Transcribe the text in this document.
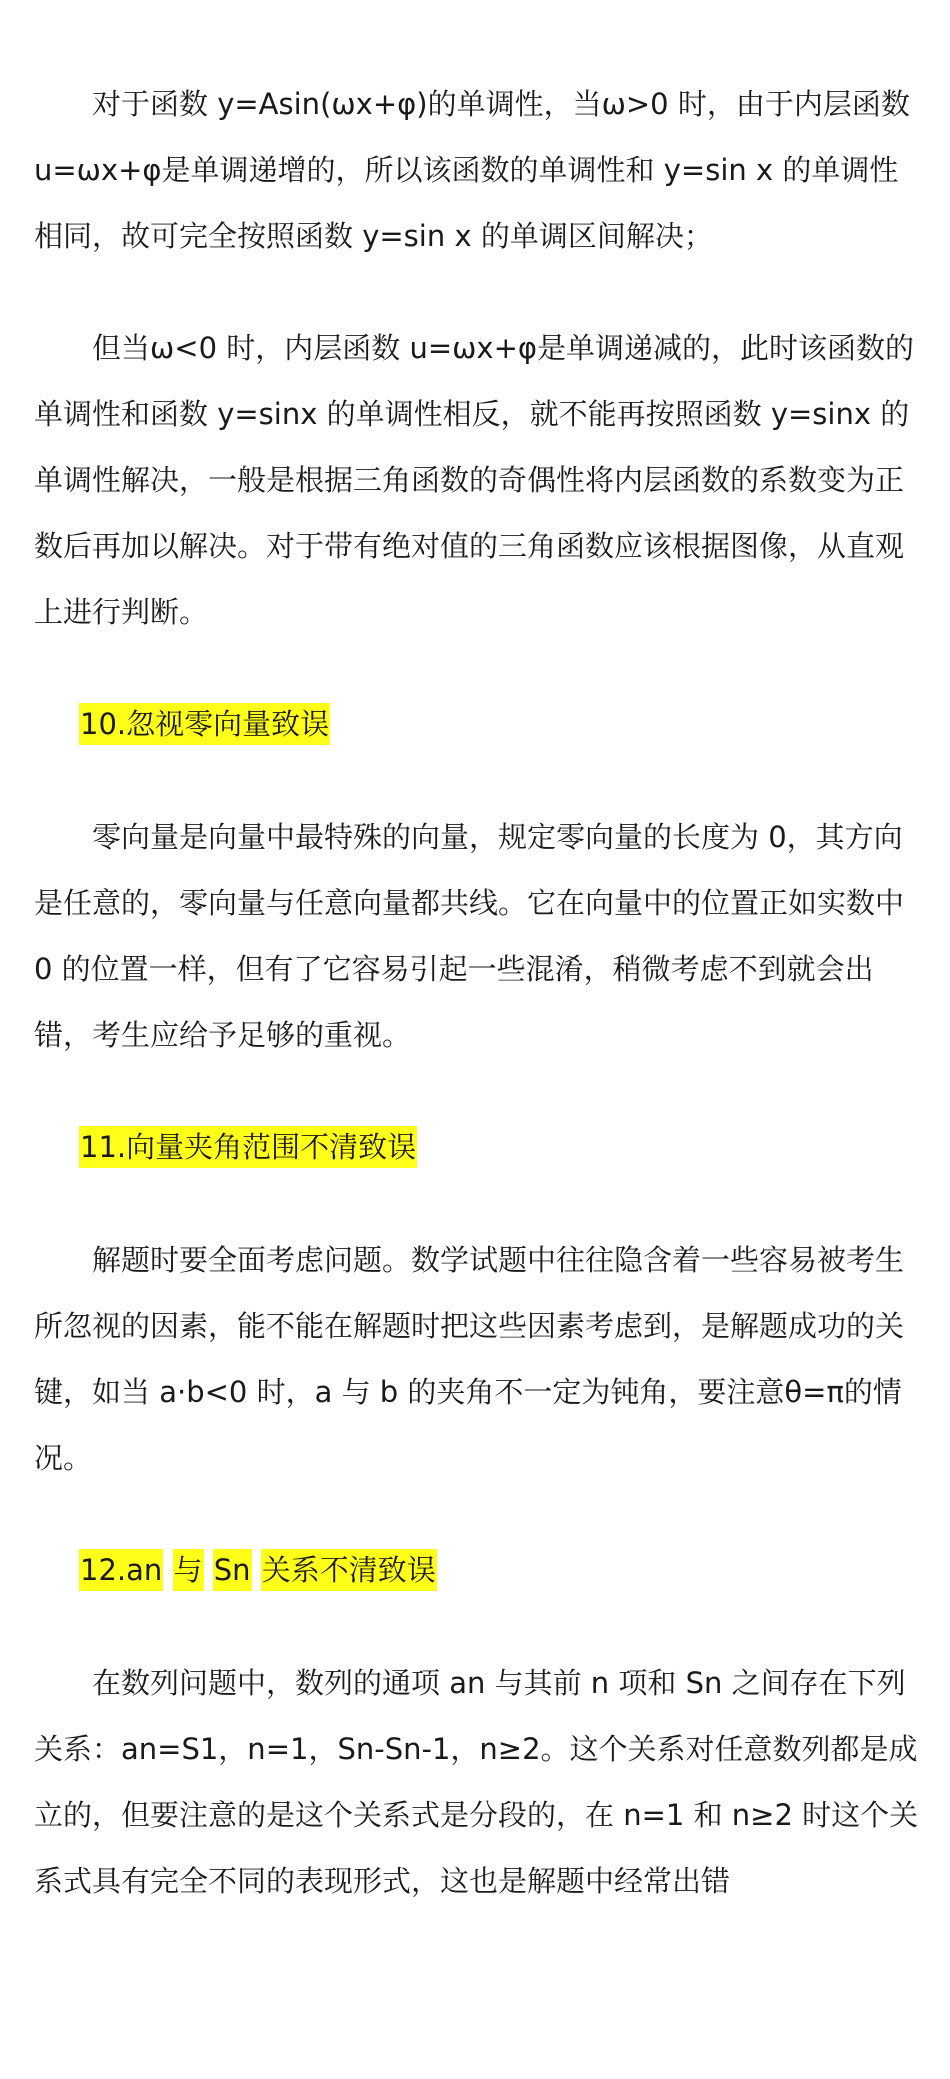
对于函数 y=Asin(ωx+φ)的单调性，当ω>0 时，由于内层函数 u=ωx+φ是单调递增的，所以该函数的单调性和 y=sin x 的单调性相同，故可完全按照函数 y=sin x 的单调区间解决；

但当ω<0 时，内层函数 u=ωx+φ是单调递减的，此时该函数的单调性和函数 y=sinx 的单调性相反，就不能再按照函数 y=sinx 的单调性解决，一般是根据三角函数的奇偶性将内层函数的系数变为正数后再加以解决。对于带有绝对值的三角函数应该根据图像，从直观上进行判断。

10.忽视零向量致误

零向量是向量中最特殊的向量，规定零向量的长度为 0，其方向是任意的，零向量与任意向量都共线。它在向量中的位置正如实数中 0 的位置一样，但有了它容易引起一些混淆，稍微考虑不到就会出错，考生应给予足够的重视。

11.向量夹角范围不清致误

解题时要全面考虑问题。数学试题中往往隐含着一些容易被考生所忽视的因素，能不能在解题时把这些因素考虑到，是解题成功的关键，如当 a·b<0 时，a 与 b 的夹角不一定为钝角，要注意θ=π的情况。

12.an 与 Sn 关系不清致误

在数列问题中，数列的通项 an 与其前 n 项和 Sn 之间存在下列关系：an=S1，n=1，Sn-Sn-1，n≥2。这个关系对任意数列都是成立的，但要注意的是这个关系式是分段的，在 n=1 和 n≥2 时这个关系式具有完全不同的表现形式，这也是解题中经常出错
